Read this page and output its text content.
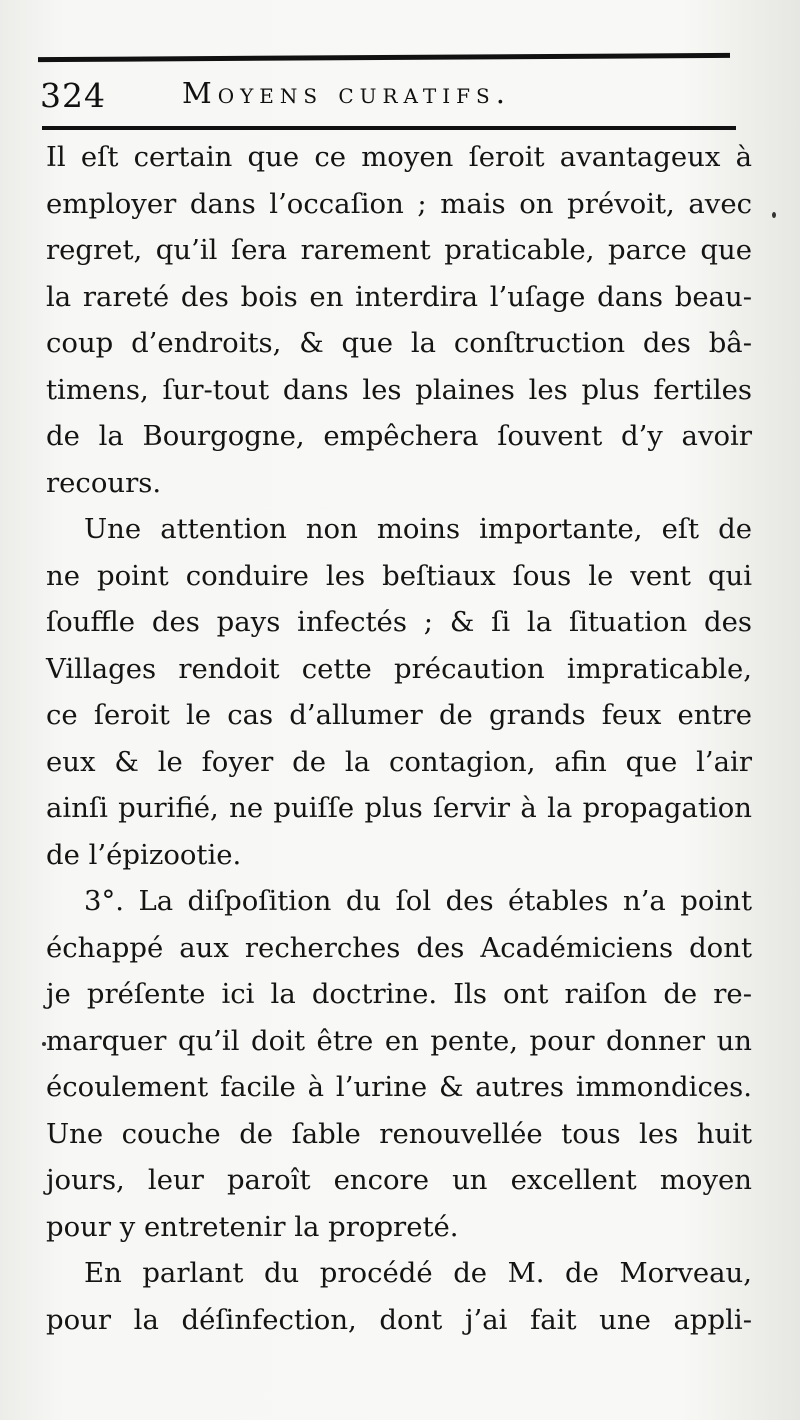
324	Moyens curatifs.
Il eſt certain que ce moyen ſeroit avantageux à
employer dans l’occaſion ; mais on prévoit, avec
regret, qu’il ſera rarement praticable, parce que
la rareté des bois en interdira l’uſage dans beau-
coup d’endroits, & que la conſtruction des bâ-
timens, ſur-tout dans les plaines les plus fertiles
de la Bourgogne, empêchera ſouvent d’y avoir
recours.
Une attention non moins importante, eſt de
ne point conduire les beſtiaux ſous le vent qui
ſouffle des pays infectés ; & ſi la ſituation des
Villages rendoit cette précaution impraticable,
ce ſeroit le cas d’allumer de grands feux entre
eux & le foyer de la contagion, afin que l’air
ainſi purifié, ne puiſſe plus ſervir à la propagation
de l’épizootie.
3°. La diſpoſition du ſol des étables n’a point
échappé aux recherches des Académiciens dont
je préſente ici la doctrine. Ils ont raiſon de re-
marquer qu’il doit être en pente, pour donner un
écoulement facile à l’urine & autres immondices.
Une couche de ſable renouvellée tous les huit
jours, leur paroît encore un excellent moyen
pour y entretenir la propreté.
En parlant du procédé de M. de Morveau,
pour la déſinfection, dont j’ai fait une appli-
